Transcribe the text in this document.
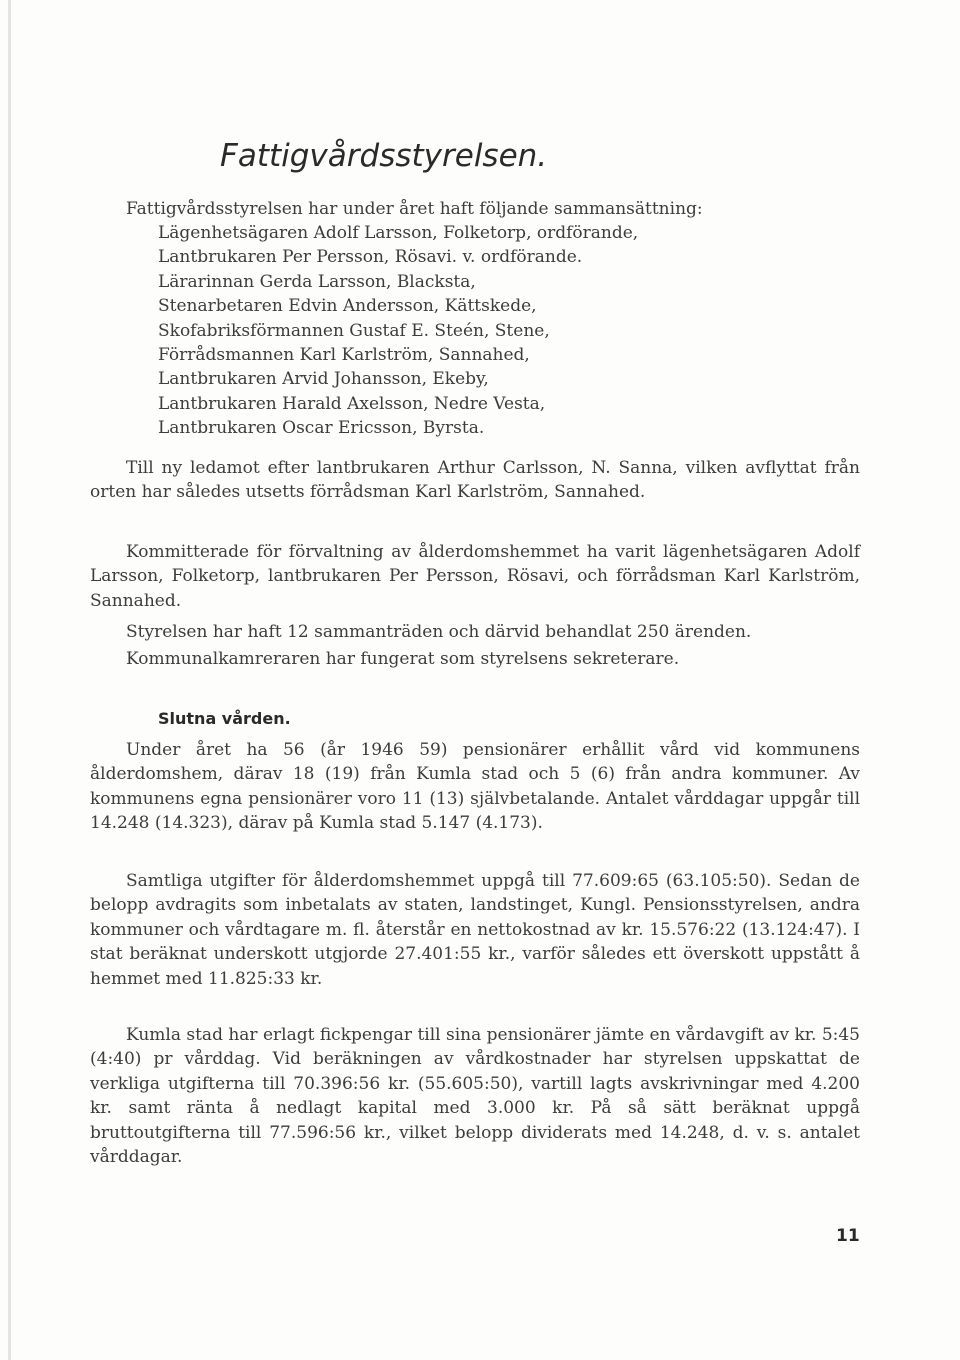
Fattigvårdsstyrelsen.

Fattigvårdsstyrelsen har under året haft följande sammansättning:

Lägenhetsägaren Adolf Larsson, Folketorp, ordförande,
Lantbrukaren Per Persson, Rösavi. v. ordförande.
Lärarinnan Gerda Larsson, Blacksta,
Stenarbetaren Edvin Andersson, Kättskede,
Skofabriksförmannen Gustaf E. Steén, Stene,
Förrådsmannen Karl Karlström, Sannahed,
Lantbrukaren Arvid Johansson, Ekeby,
Lantbrukaren Harald Axelsson, Nedre Vesta,
Lantbrukaren Oscar Ericsson, Byrsta.

Till ny ledamot efter lantbrukaren Arthur Carlsson, N. Sanna, vilken avflyttat från orten har således utsetts förrådsman Karl Karlström, Sannahed.

Kommitterade för förvaltning av ålderdomshemmet ha varit lägenhetsägaren Adolf Larsson, Folketorp, lantbrukaren Per Persson, Rösavi, och förrådsman Karl Karlström, Sannahed.

Styrelsen har haft 12 sammanträden och därvid behandlat 250 ärenden.

Kommunalkamreraren har fungerat som styrelsens sekreterare.

Slutna vården.

Under året ha 56 (år 1946 59) pensionärer erhållit vård vid kommunens ålderdomshem, därav 18 (19) från Kumla stad och 5 (6) från andra kommuner. Av kommunens egna pensionärer voro 11 (13) självbetalande. Antalet vårddagar uppgår till 14.248 (14.323), därav på Kumla stad 5.147 (4.173).

Samtliga utgifter för ålderdomshemmet uppgå till 77.609:65 (63.105:50). Sedan de belopp avdragits som inbetalats av staten, landstinget, Kungl. Pensionsstyrelsen, andra kommuner och vårdtagare m. fl. återstår en nettokostnad av kr. 15.576:22 (13.124:47). I stat beräknat underskott utgjorde 27.401:55 kr., varför således ett överskott uppstått å hemmet med 11.825:33 kr.

Kumla stad har erlagt fickpengar till sina pensionärer jämte en vårdavgift av kr. 5:45 (4:40) pr vårddag. Vid beräkningen av vårdkostnader har styrelsen uppskattat de verkliga utgifterna till 70.396:56 kr. (55.605:50), vartill lagts avskrivningar med 4.200 kr. samt ränta å nedlagt kapital med 3.000 kr. På så sätt beräknat uppgå bruttoutgifterna till 77.596:56 kr., vilket belopp dividerats med 14.248, d. v. s. antalet vårddagar.

11
